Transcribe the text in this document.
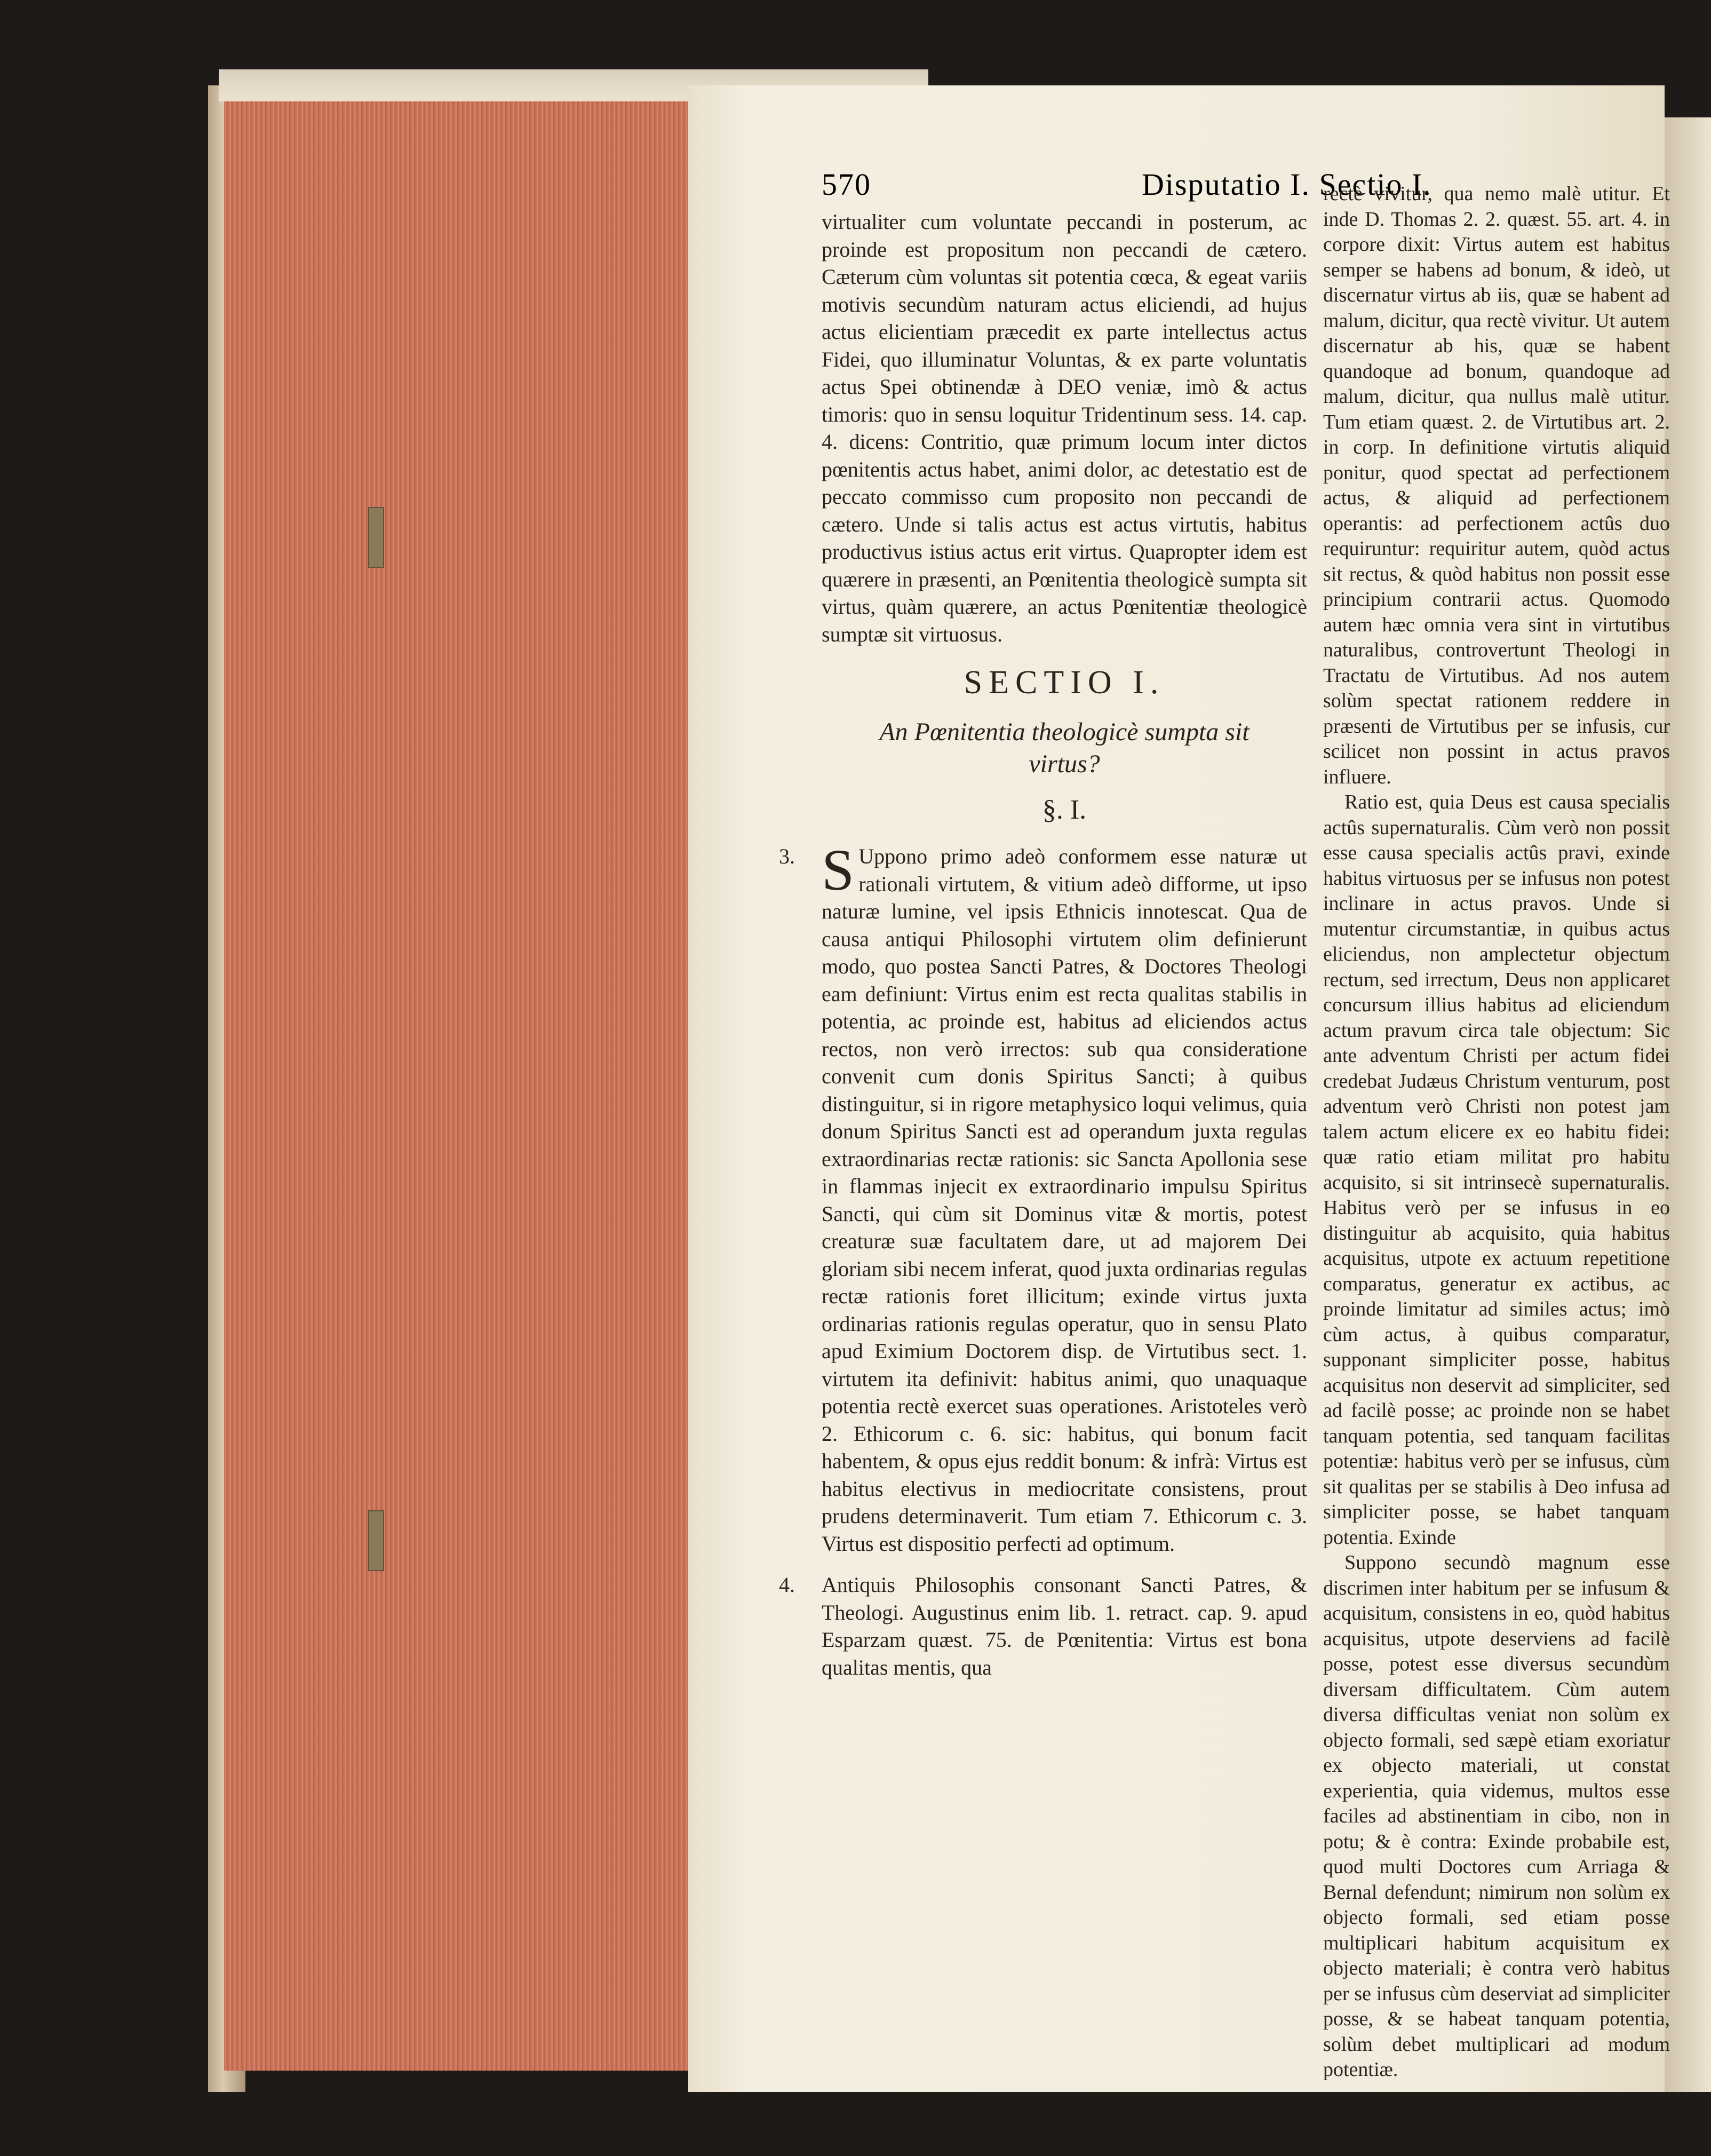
570	Disputatio I. Sectio I.

virtualiter cum voluntate peccandi in posterum, ac proinde est propositum non peccandi de cætero. Cæterum cùm voluntas sit potentia cœca, & egeat variis motivis secundùm naturam actus eliciendi, ad hujus actus elicientiam præcedit ex parte intellectus actus Fidei, quo illuminatur Voluntas, & ex parte voluntatis actus Spei obtinendæ à DEO veniæ, imò & actus timoris: quo in sensu loquitur Tridentinum sess. 14. cap. 4. dicens: Contritio, quæ primum locum inter dictos pœnitentis actus habet, animi dolor, ac detestatio est de peccato commisso cum proposito non peccandi de cætero. Unde si talis actus est actus virtutis, habitus productivus istius actus erit virtus. Quapropter idem est quærere in præsenti, an Pœnitentia theologicè sumpta sit virtus, quàm quærere, an actus Pœnitentiæ theologicè sumptæ sit virtuosus.

SECTIO I.
An Pœnitentia theologicè sumpta sit virtus?
§. I.
3. S Uppono primo adeò conformem esse naturæ ut rationali virtutem, & vitium adeò difforme, ut ipso naturæ lumine, vel ipsis Ethnicis innotescat. Qua de causa antiqui Philosophi virtutem olim definierunt modo, quo postea Sancti Patres, & Doctores Theologi eam definiunt: Virtus enim est recta qualitas stabilis in potentia, ac proinde est, habitus ad eliciendos actus rectos, non verò irrectos: sub qua consideratione convenit cum donis Spiritus Sancti; à quibus distinguitur, si in rigore metaphysico loqui velimus, quia donum Spiritus Sancti est ad operandum juxta regulas extraordinarias rectæ rationis: sic Sancta Apollonia sese in flammas injecit ex extraordinario impulsu Spiritus Sancti, qui cùm sit Dominus vitæ & mortis, potest creaturæ suæ facultatem dare, ut ad majorem Dei gloriam sibi necem inferat, quod juxta ordinarias regulas rectæ rationis foret illicitum; exinde virtus juxta ordinarias rationis regulas operatur, quo in sensu Plato apud Eximium Doctorem disp. de Virtutibus sect. 1. virtutem ita definivit: habitus animi, quo unaquaque potentia rectè exercet suas operationes. Aristoteles verò 2. Ethicorum c. 6. sic: habitus, qui bonum facit habentem, & opus ejus reddit bonum: & infrà: Virtus est habitus electivus in mediocritate consistens, prout prudens determinaverit. Tum etiam 7. Ethicorum c. 3. Virtus est dispositio perfecti ad optimum.

4. Antiquis Philosophis consonant Sancti Patres, & Theologi. Augustinus enim lib. 1. retract. cap. 9. apud Esparzam quæst. 75. de Pœnitentia: Virtus est bona qualitas mentis, qua

rectè vivitur, qua nemo malè utitur. Et inde D. Thomas 2. 2. quæst. 55. art. 4. in corpore dixit: Virtus autem est habitus semper se habens ad bonum, & ideò, ut discernatur virtus ab iis, quæ se habent ad malum, dicitur, qua rectè vivitur. Ut autem discernatur ab his, quæ se habent quandoque ad bonum, quandoque ad malum, dicitur, qua nullus malè utitur. Tum etiam quæst. 2. de Virtutibus art. 2. in corp. In definitione virtutis aliquid ponitur, quod spectat ad perfectionem actus, & aliquid ad perfectionem operantis: ad perfectionem actûs duo requiruntur: requiritur autem, quòd actus sit rectus, & quòd habitus non possit esse principium contrarii actus. Quomodo autem hæc omnia vera sint in virtutibus naturalibus, controvertunt Theologi in Tractatu de Virtutibus. Ad nos autem solùm spectat rationem reddere in præsenti de Virtutibus per se infusis, cur scilicet non possint in actus pravos influere.

Ratio est, quia Deus est causa specialis actûs supernaturalis. Cùm verò non possit esse causa specialis actûs pravi, exinde habitus virtuosus per se infusus non potest inclinare in actus pravos. Unde si mutentur circumstantiæ, in quibus actus eliciendus, non amplectetur objectum rectum, sed irrectum, Deus non applicaret concursum illius habitus ad eliciendum actum pravum circa tale objectum: Sic ante adventum Christi per actum fidei credebat Judæus Christum venturum, post adventum verò Christi non potest jam talem actum elicere ex eo habitu fidei: quæ ratio etiam militat pro habitu acquisito, si sit intrinsecè supernaturalis. Habitus verò per se infusus in eo distinguitur ab acquisito, quia habitus acquisitus, utpote ex actuum repetitione comparatus, generatur ex actibus, ac proinde limitatur ad similes actus; imò cùm actus, à quibus comparatur, supponant simpliciter posse, habitus acquisitus non deservit ad simpliciter, sed ad facilè posse; ac proinde non se habet tanquam potentia, sed tanquam facilitas potentiæ: habitus verò per se infusus, cùm sit qualitas per se stabilis à Deo infusa ad simpliciter posse, se habet tanquam potentia. Exinde

Suppono secundò magnum esse discrimen inter habitum per se infusum & acquisitum, consistens in eo, quòd habitus acquisitus, utpote deserviens ad facilè posse, potest esse diversus secundùm diversam difficultatem. Cùm autem diversa difficultas veniat non solùm ex objecto formali, sed sæpè etiam exoriatur ex objecto materiali, ut constat experientia, quia videmus, multos esse faciles ad abstinentiam in cibo, non in potu; & è contra: Exinde probabile est, quod multi Doctores cum Arriaga & Bernal defendunt; nimirum non solùm ex objecto formali, sed etiam posse multiplicari habitum acquisitum ex objecto materiali; è contra verò habitus per se infusus cùm deserviat ad simpliciter posse, & se habeat tanquam potentia, solùm debet multiplicari ad modum potentiæ.
